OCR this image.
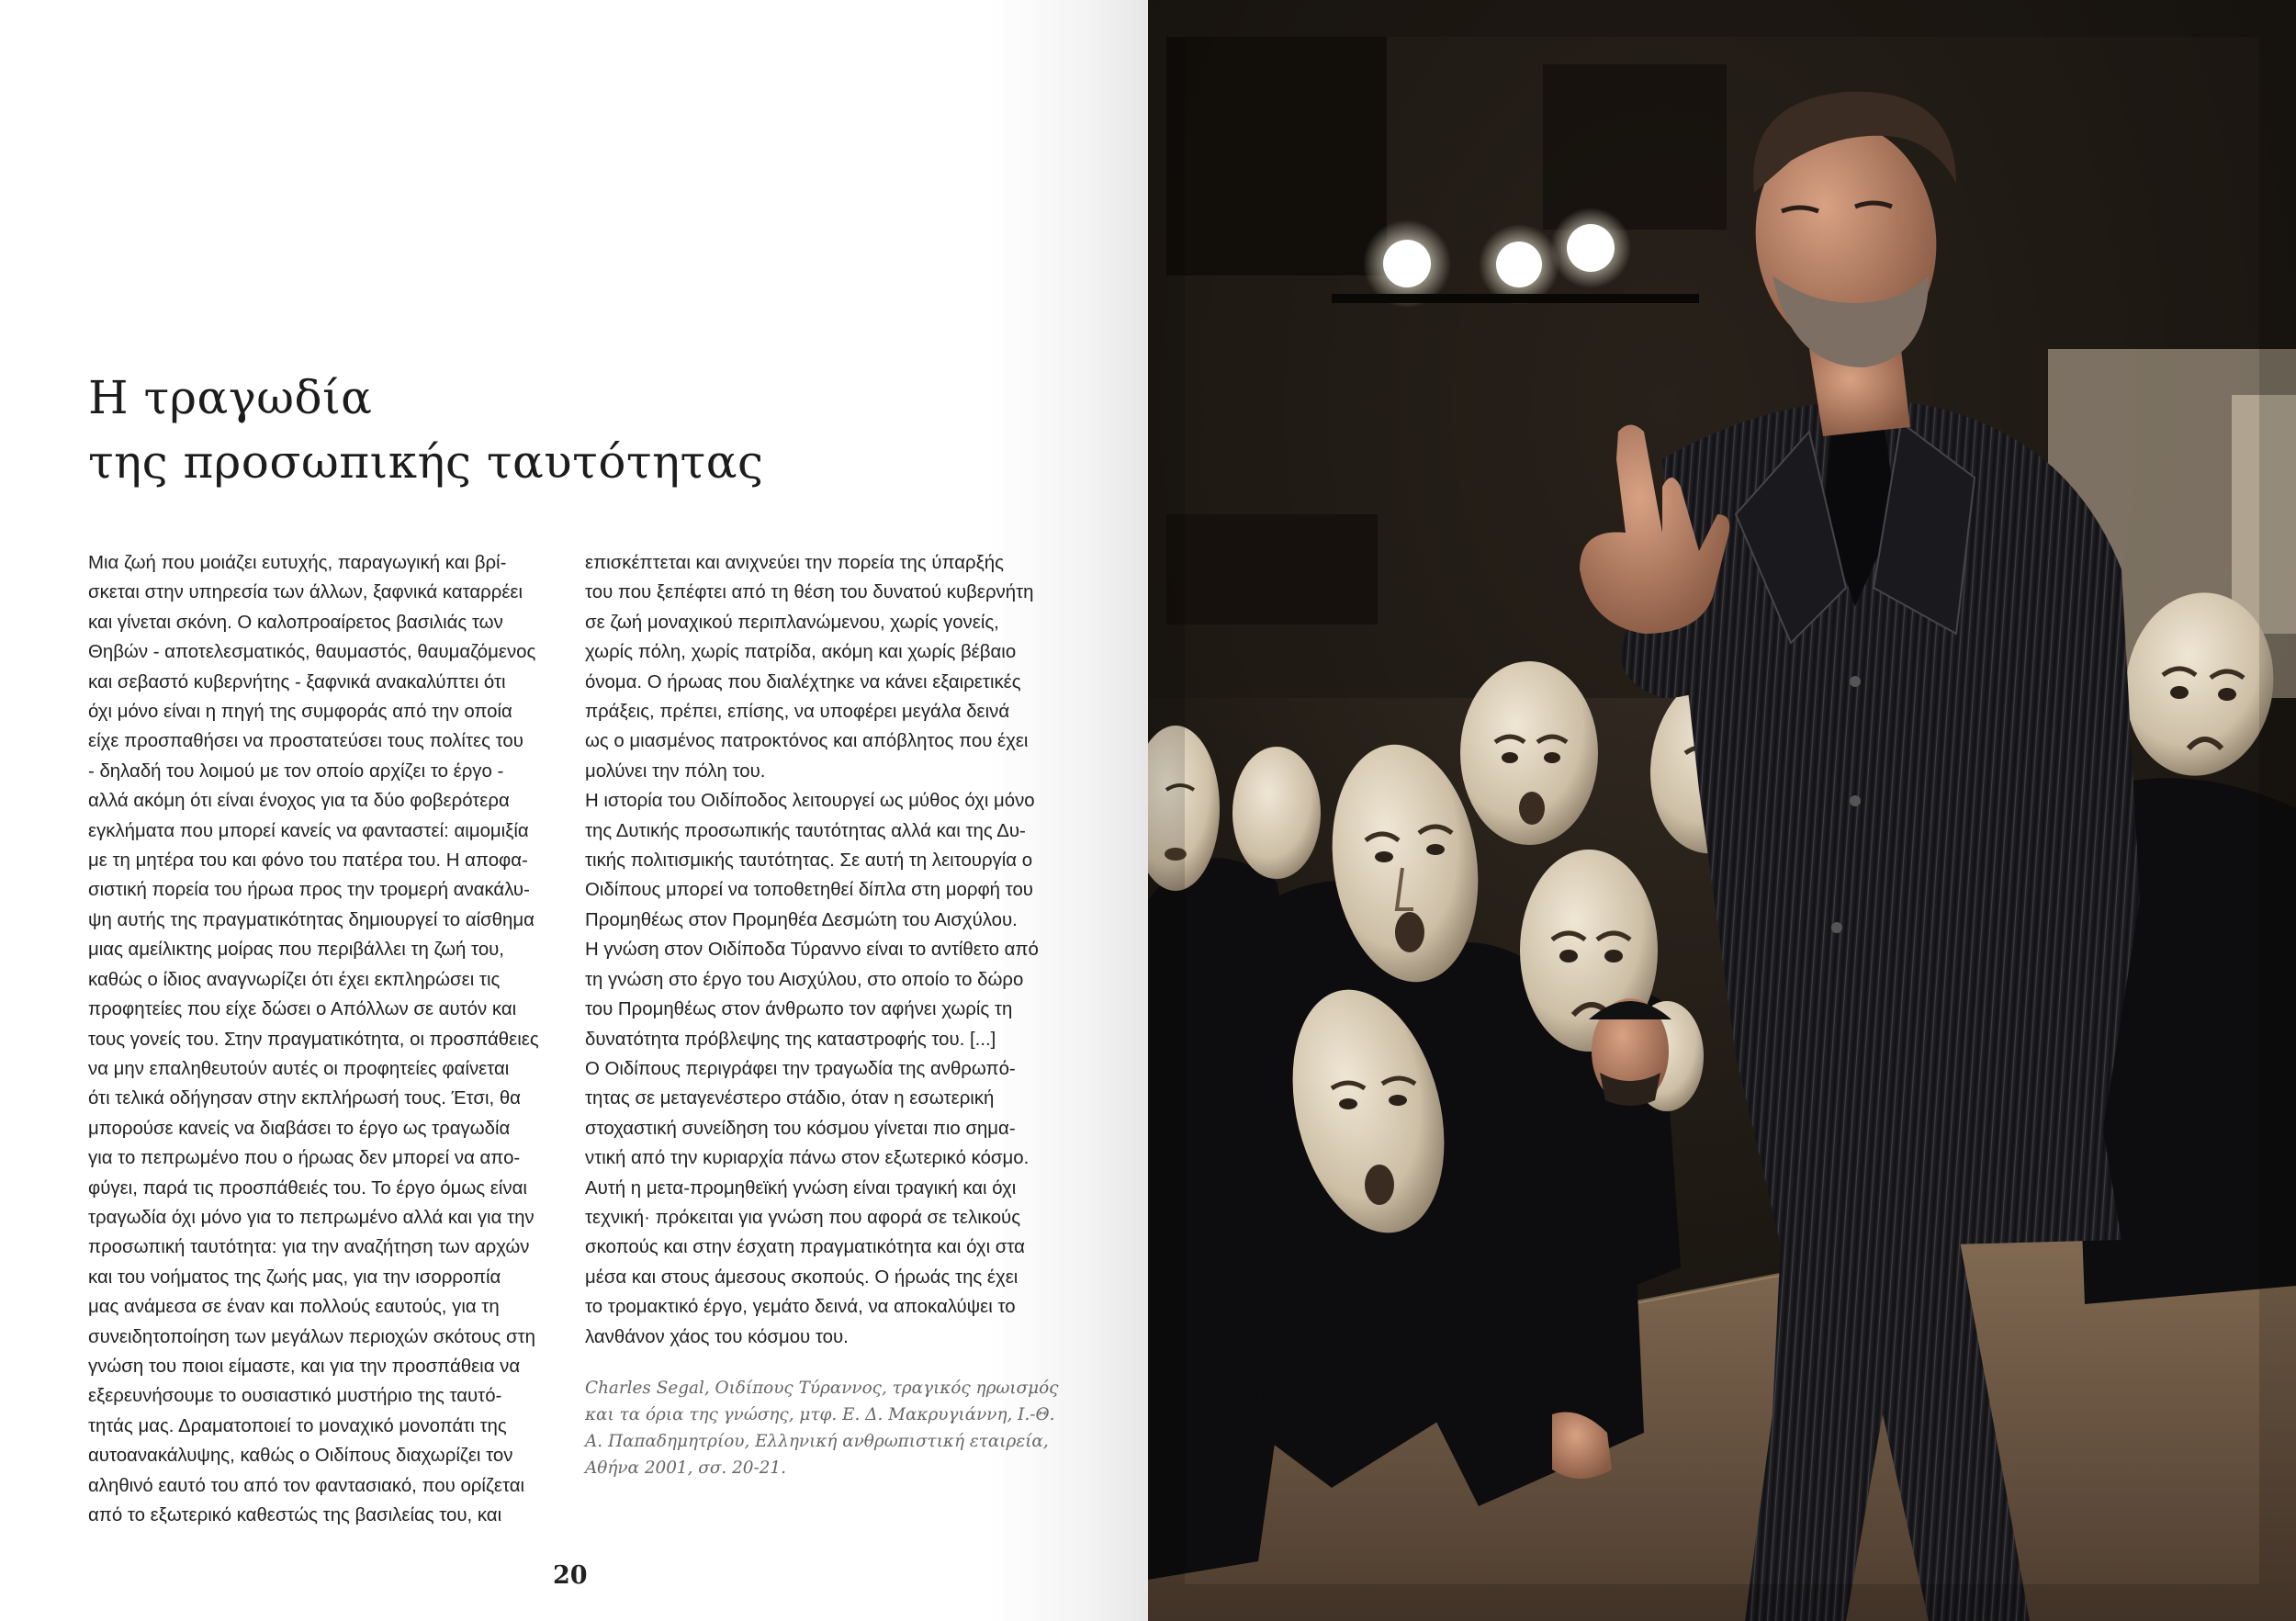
Η τραγωδία
της προσωπικής ταυτότητας
Μια ζωή που μοιάζει ευτυχής, παραγωγική και βρί-
σκεται στην υπηρεσία των άλλων, ξαφνικά καταρρέει
και γίνεται σκόνη. Ο καλοπροαίρετος βασιλιάς των
Θηβών - αποτελεσματικός, θαυμαστός, θαυμαζόμενος
και σεβαστό κυβερνήτης - ξαφνικά ανακαλύπτει ότι
όχι μόνο είναι η πηγή της συμφοράς από την οποία
είχε προσπαθήσει να προστατεύσει τους πολίτες του
- δηλαδή του λοιμού με τον οποίο αρχίζει το έργο -
αλλά ακόμη ότι είναι ένοχος για τα δύο φοβερότερα
εγκλήματα που μπορεί κανείς να φανταστεί: αιμομιξία
με τη μητέρα του και φόνο του πατέρα του. Η αποφα-
σιστική πορεία του ήρωα προς την τρομερή ανακάλυ-
ψη αυτής της πραγματικότητας δημιουργεί το αίσθημα
μιας αμείλικτης μοίρας που περιβάλλει τη ζωή του,
καθώς ο ίδιος αναγνωρίζει ότι έχει εκπληρώσει τις
προφητείες που είχε δώσει ο Απόλλων σε αυτόν και
τους γονείς του. Στην πραγματικότητα, οι προσπάθειες
να μην επαληθευτούν αυτές οι προφητείες φαίνεται
ότι τελικά οδήγησαν στην εκπλήρωσή τους. Έτσι, θα
μπορούσε κανείς να διαβάσει το έργο ως τραγωδία
για το πεπρωμένο που ο ήρωας δεν μπορεί να απο-
φύγει, παρά τις προσπάθειές του. Το έργο όμως είναι
τραγωδία όχι μόνο για το πεπρωμένο αλλά και για την
προσωπική ταυτότητα: για την αναζήτηση των αρχών
και του νοήματος της ζωής μας, για την ισορροπία
μας ανάμεσα σε έναν και πολλούς εαυτούς, για τη
συνειδητοποίηση των μεγάλων περιοχών σκότους στη
γνώση του ποιοι είμαστε, και για την προσπάθεια να
εξερευνήσουμε το ουσιαστικό μυστήριο της ταυτό-
τητάς μας. Δραματοποιεί το μοναχικό μονοπάτι της
αυτοανακάλυψης, καθώς ο Οιδίπους διαχωρίζει τον
αληθινό εαυτό του από τον φαντασιακό, που ορίζεται
από το εξωτερικό καθεστώς της βασιλείας του, και
επισκέπτεται και ανιχνεύει την πορεία της ύπαρξής
του που ξεπέφτει από τη θέση του δυνατού κυβερνήτη
σε ζωή μοναχικού περιπλανώμενου, χωρίς γονείς,
χωρίς πόλη, χωρίς πατρίδα, ακόμη και χωρίς βέβαιο
όνομα. Ο ήρωας που διαλέχτηκε να κάνει εξαιρετικές
πράξεις, πρέπει, επίσης, να υποφέρει μεγάλα δεινά
ως ο μιασμένος πατροκτόνος και απόβλητος που έχει
μολύνει την πόλη του.
Η ιστορία του Οιδίποδος λειτουργεί ως μύθος όχι μόνο
της Δυτικής προσωπικής ταυτότητας αλλά και της Δυ-
τικής πολιτισμικής ταυτότητας. Σε αυτή τη λειτουργία ο
Οιδίπους μπορεί να τοποθετηθεί δίπλα στη μορφή του
Προμηθέως στον Προμηθέα Δεσμώτη του Αισχύλου.
Η γνώση στον Οιδίποδα Τύραννο είναι το αντίθετο από
τη γνώση στο έργο του Αισχύλου, στο οποίο το δώρο
του Προμηθέως στον άνθρωπο τον αφήνει χωρίς τη
δυνατότητα πρόβλεψης της καταστροφής του. [...]
Ο Οιδίπους περιγράφει την τραγωδία της ανθρωπό-
τητας σε μεταγενέστερο στάδιο, όταν η εσωτερική
στοχαστική συνείδηση του κόσμου γίνεται πιο σημα-
ντική από την κυριαρχία πάνω στον εξωτερικό κόσμο.
Αυτή η μετα-προμηθεϊκή γνώση είναι τραγική και όχι
τεχνική· πρόκειται για γνώση που αφορά σε τελικούς
σκοπούς και στην έσχατη πραγματικότητα και όχι στα
μέσα και στους άμεσους σκοπούς. Ο ήρωάς της έχει
το τρομακτικό έργο, γεμάτο δεινά, να αποκαλύψει το
λανθάνον χάος του κόσμου του.
Charles Segal, Οιδίπους Τύραννος, τραγικός ηρωισμός
και τα όρια της γνώσης, μτφ. Ε. Δ. Μακρυγιάννη, Ι.-Θ.
Α. Παπαδημητρίου, Ελληνική ανθρωπιστική εταιρεία,
Αθήνα 2001, σσ. 20-21.
20
